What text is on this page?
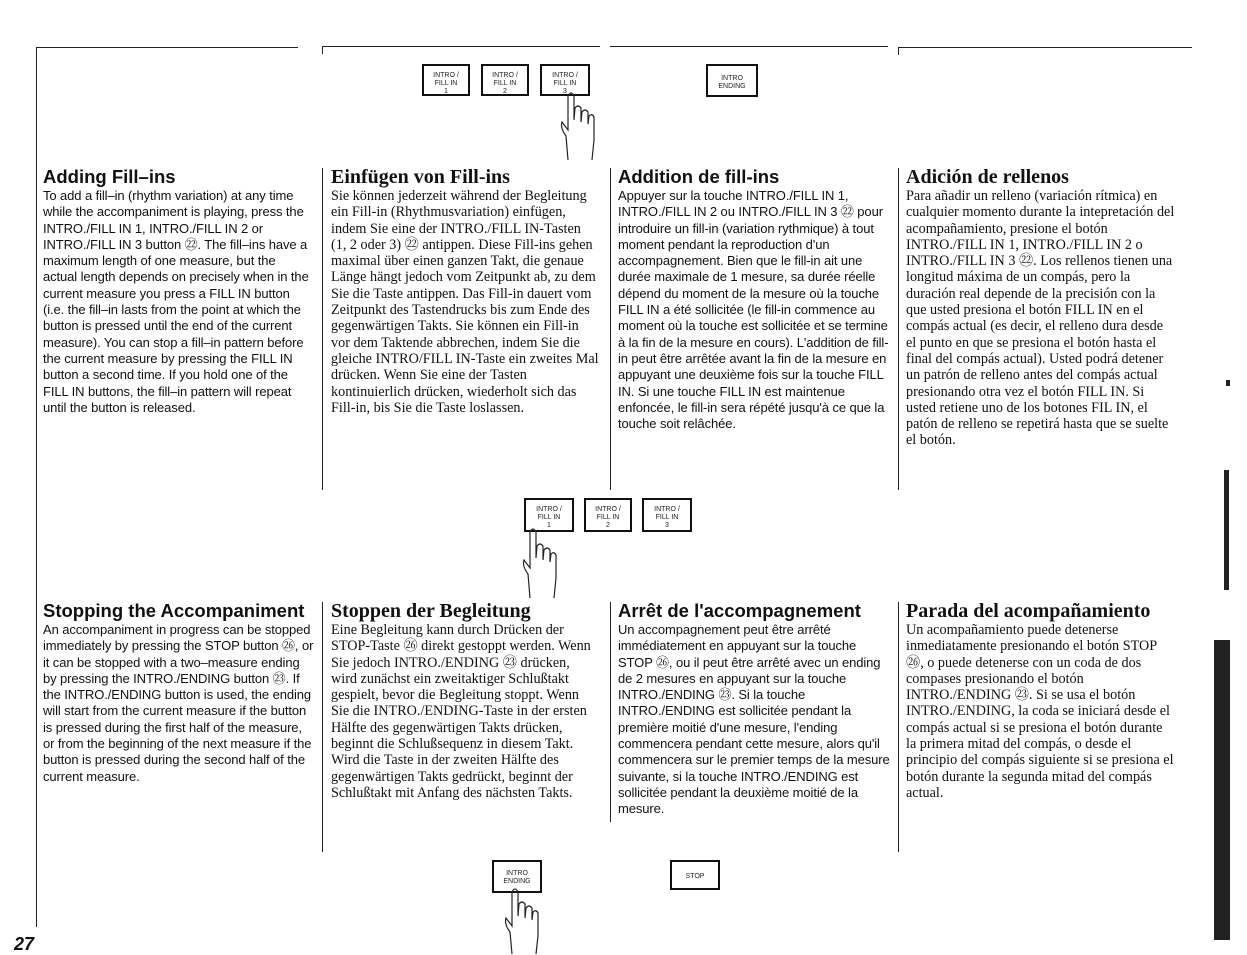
INTRO /
FILL IN
1
INTRO /
FILL IN
2
INTRO /
FILL IN
3
INTRO
ENDING
INTRO /
FILL IN
1
INTRO /
FILL IN
2
INTRO /
FILL IN
3
INTRO
ENDING
STOP
Adding Fill–ins

To add a fill–in (rhythm variation) at any time while the accompaniment is playing, press the INTRO./FILL IN 1, INTRO./FILL IN 2 or INTRO./FILL IN 3 button ㉒. The fill–ins have a maximum length of one measure, but the actual length depends on precisely when in the current measure you press a FILL IN button (i.e. the fill–in lasts from the point at which the button is pressed until the end of the current measure). You can stop a fill–in pattern before the current measure by pressing the FILL IN button a second time. If you hold one of the FILL IN buttons, the fill–in pattern will repeat until the button is released.

Einfügen von Fill-ins

Sie können jederzeit während der Begleitung ein Fill-in (Rhythmusvariation) einfügen, indem Sie eine der INTRO./FILL IN-Tasten (1, 2 oder 3) ㉒ antippen. Diese Fill-ins gehen maximal über einen ganzen Takt, die genaue Länge hängt jedoch vom Zeitpunkt ab, zu dem Sie die Taste antippen. Das Fill-in dauert vom Zeitpunkt des Tastendrucks bis zum Ende des gegenwärtigen Takts. Sie können ein Fill-in vor dem Taktende abbrechen, indem Sie die gleiche INTRO/FILL IN-Taste ein zweites Mal drücken. Wenn Sie eine der Tasten kontinuierlich drücken, wiederholt sich das Fill-in, bis Sie die Taste loslassen.

Addition de fill-ins

Appuyer sur la touche INTRO./FILL IN 1, INTRO./FILL IN 2 ou INTRO./FILL IN 3 ㉒ pour introduire un fill-in (variation rythmique) à tout moment pendant la reproduction d'un accompagnement. Bien que le fill-in ait une durée maximale de 1 mesure, sa durée réelle dépend du moment de la mesure où la touche FILL IN a été sollicitée (le fill-in commence au moment où la touche est sollicitée et se termine à la fin de la mesure en cours). L'addition de fill-in peut être arrêtée avant la fin de la mesure en appuyant une deuxième fois sur la touche FILL IN. Si une touche FILL IN est maintenue enfoncée, le fill-in sera répété jusqu'à ce que la touche soit relâchée.

Adición de rellenos

Para añadir un relleno (variación rítmica) en cualquier momento durante la intepretación del acompañamiento, presione el botón INTRO./FILL IN 1, INTRO./FILL IN 2 o INTRO./FILL IN 3 ㉒. Los rellenos tienen una longitud máxima de un compás, pero la duración real depende de la precisión con la que usted presiona el botón FILL IN en el compás actual (es decir, el relleno dura desde el punto en que se presiona el botón hasta el final del compás actual). Usted podrá detener un patrón de relleno antes del compás actual presionando otra vez el botón FILL IN. Si usted retiene uno de los botones FIL IN, el patón de relleno se repetirá hasta que se suelte el botón.

Stopping the Accompaniment

An accompaniment in progress can be stopped immediately by pressing the STOP button ㉖, or it can be stopped with a two–measure ending by pressing the INTRO./ENDING button ㉓. If the INTRO./ENDING button is used, the ending will start from the current measure if the button is pressed during the first half of the measure, or from the beginning of the next measure if the button is pressed during the second half of the current measure.

Stoppen der Begleitung

Eine Begleitung kann durch Drücken der STOP-Taste ㉖ direkt gestoppt werden. Wenn Sie jedoch INTRO./ENDING ㉓ drücken, wird zunächst ein zweitaktiger Schlußtakt gespielt, bevor die Begleitung stoppt. Wenn Sie die INTRO./ENDING-Taste in der ersten Hälfte des gegenwärtigen Takts drücken, beginnt die Schlußsequenz in diesem Takt. Wird die Taste in der zweiten Hälfte des gegenwärtigen Takts gedrückt, beginnt der Schlußtakt mit Anfang des nächsten Takts.

Arrêt de l'accompagnement

Un accompagnement peut être arrêté immédiatement en appuyant sur la touche STOP ㉖, ou il peut être arrêté avec un ending de 2 mesures en appuyant sur la touche INTRO./ENDING ㉓. Si la touche INTRO./ENDING est sollicitée pendant la première moitié d'une mesure, l'ending commencera pendant cette mesure, alors qu'il commencera sur le premier temps de la mesure suivante, si la touche INTRO./ENDING est sollicitée pendant la deuxième moitié de la mesure.

Parada del acompañamiento

Un acompañamiento puede detenerse inmediatamente presionando el botón STOP ㉖, o puede detenerse con un coda de dos compases presionando el botón INTRO./ENDING ㉓. Si se usa el botón INTRO./ENDING, la coda se iniciará desde el compás actual si se presiona el botón durante la primera mitad del compás, o desde el principio del compás siguiente si se presiona el botón durante la segunda mitad del compás actual.

27
